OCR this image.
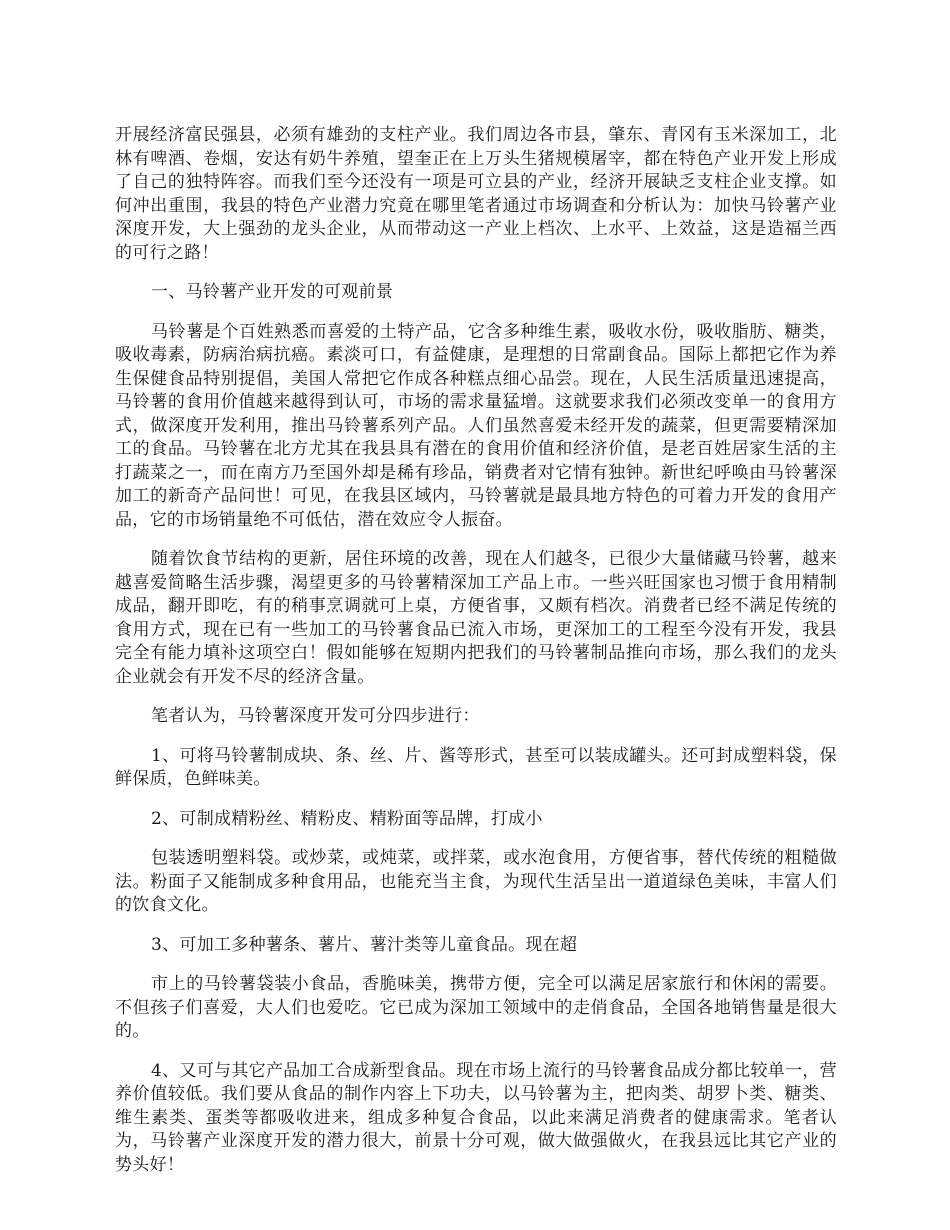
开展经济富民强县，必须有雄劲的支柱产业。我们周边各市县，肇东、青冈有玉米深加工，北林有啤酒、卷烟，安达有奶牛养殖，望奎正在上万头生猪规模屠宰，都在特色产业开发上形成了自己的独特阵容。而我们至今还没有一项是可立县的产业，经济开展缺乏支柱企业支撑。如何冲出重围，我县的特色产业潜力究竟在哪里笔者通过市场调查和分析认为：加快马铃薯产业深度开发，大上强劲的龙头企业，从而带动这一产业上档次、上水平、上效益，这是造福兰西的可行之路！

一、马铃薯产业开发的可观前景

马铃薯是个百姓熟悉而喜爱的土特产品，它含多种维生素，吸收水份，吸收脂肪、糖类，吸收毒素，防病治病抗癌。素淡可口，有益健康，是理想的日常副食品。国际上都把它作为养生保健食品特别提倡，美国人常把它作成各种糕点细心品尝。现在，人民生活质量迅速提高，马铃薯的食用价值越来越得到认可，市场的需求量猛增。这就要求我们必须改变单一的食用方式，做深度开发利用，推出马铃薯系列产品。人们虽然喜爱未经开发的蔬菜，但更需要精深加工的食品。马铃薯在北方尤其在我县具有潜在的食用价值和经济价值，是老百姓居家生活的主打蔬菜之一，而在南方乃至国外却是稀有珍品，销费者对它情有独钟。新世纪呼唤由马铃薯深加工的新奇产品问世！可见，在我县区域内，马铃薯就是最具地方特色的可着力开发的食用产品，它的市场销量绝不可低估，潜在效应令人振奋。

随着饮食节结构的更新，居住环境的改善，现在人们越冬，已很少大量储藏马铃薯，越来越喜爱简略生活步骤，渴望更多的马铃薯精深加工产品上市。一些兴旺国家也习惯于食用精制成品，翻开即吃，有的稍事烹调就可上桌，方便省事，又颇有档次。消费者已经不满足传统的食用方式，现在已有一些加工的马铃薯食品已流入市场，更深加工的工程至今没有开发，我县完全有能力填补这项空白！假如能够在短期内把我们的马铃薯制品推向市场，那么我们的龙头企业就会有开发不尽的经济含量。

笔者认为，马铃薯深度开发可分四步进行：

1、可将马铃薯制成块、条、丝、片、酱等形式，甚至可以装成罐头。还可封成塑料袋，保鲜保质，色鲜味美。

2、可制成精粉丝、精粉皮、精粉面等品牌，打成小

包装透明塑料袋。或炒菜，或炖菜，或拌菜，或水泡食用，方便省事，替代传统的粗糙做法。粉面子又能制成多种食用品，也能充当主食，为现代生活呈出一道道绿色美味，丰富人们的饮食文化。

3、可加工多种薯条、薯片、薯汁类等儿童食品。现在超

市上的马铃薯袋装小食品，香脆味美，携带方便，完全可以满足居家旅行和休闲的需要。不但孩子们喜爱，大人们也爱吃。它已成为深加工领域中的走俏食品，全国各地销售量是很大的。

4、又可与其它产品加工合成新型食品。现在市场上流行的马铃薯食品成分都比较单一，营养价值较低。我们要从食品的制作内容上下功夫，以马铃薯为主，把肉类、胡罗卜类、糖类、维生素类、蛋类等都吸收进来，组成多种复合食品，以此来满足消费者的健康需求。笔者认为，马铃薯产业深度开发的潜力很大，前景十分可观，做大做强做火，在我县远比其它产业的势头好！
